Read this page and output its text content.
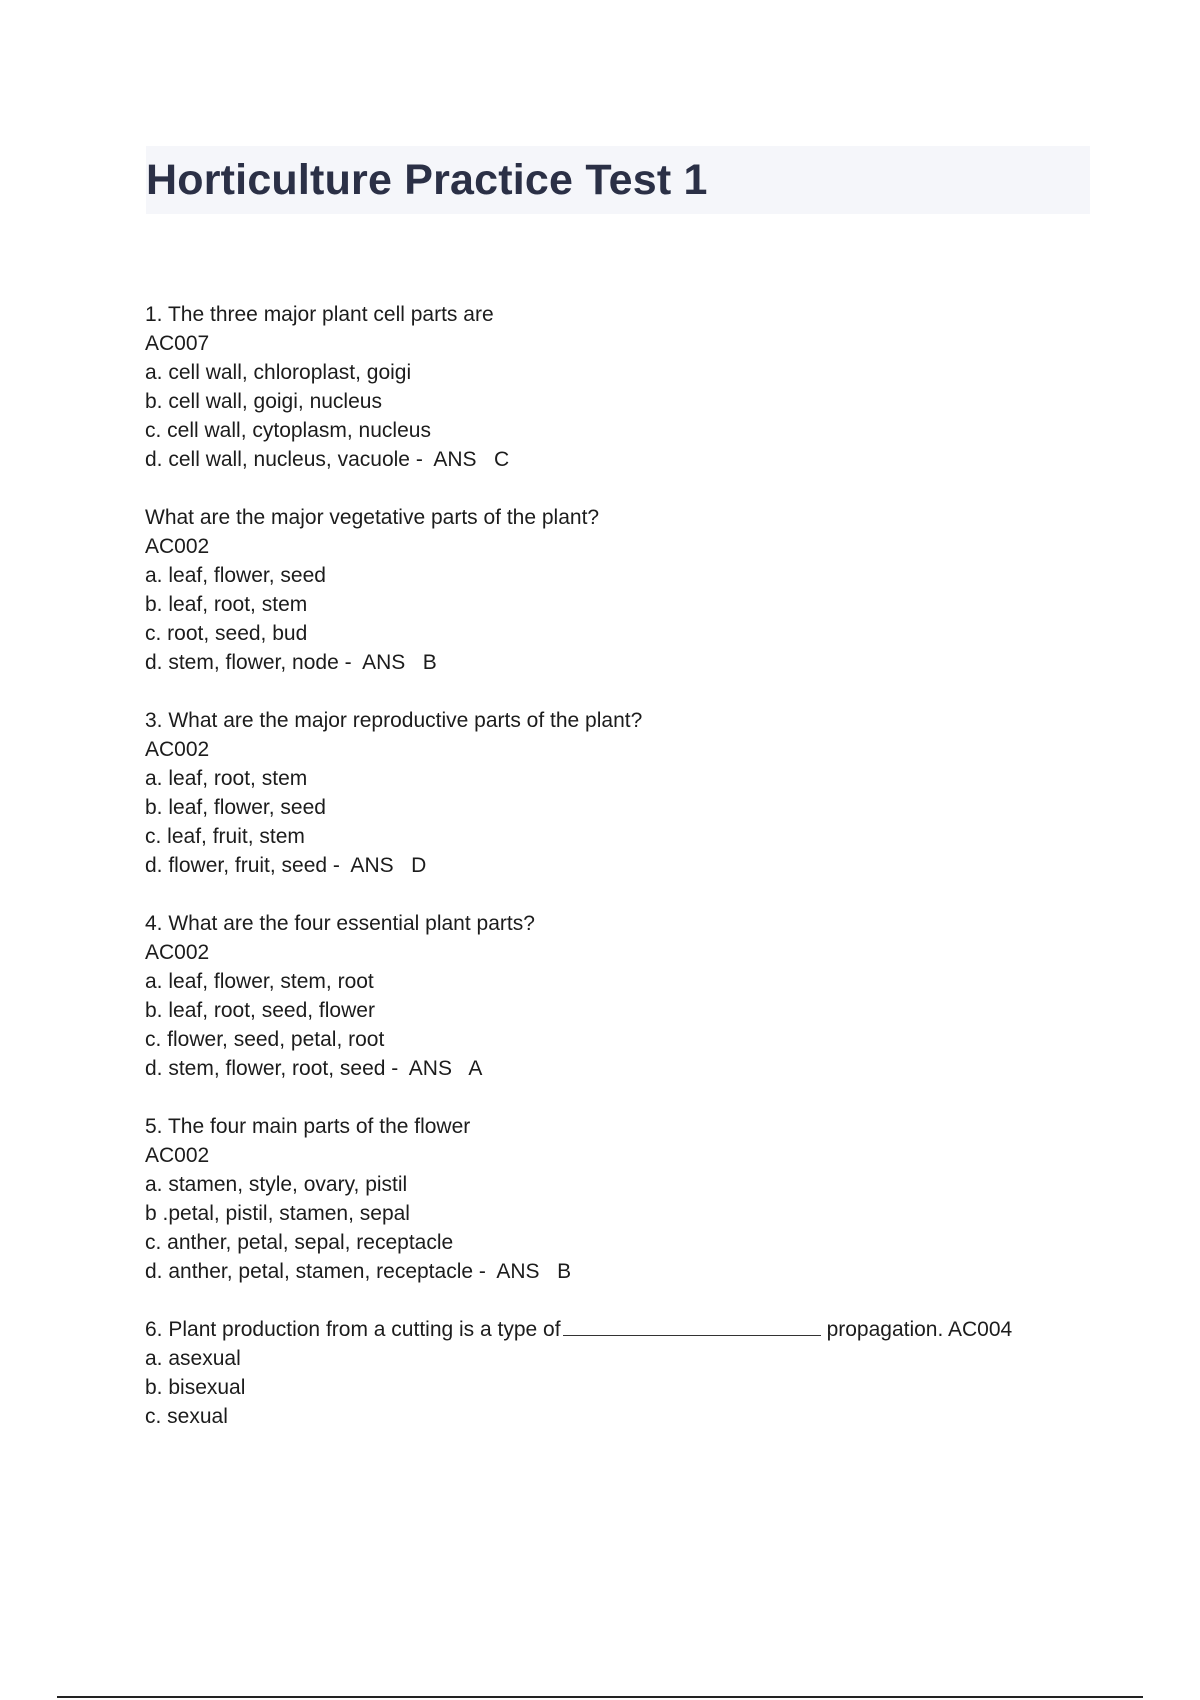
Horticulture Practice Test 1
1. The three major plant cell parts are
AC007
a. cell wall, chloroplast, goigi
b. cell wall, goigi, nucleus
c. cell wall, cytoplasm, nucleus
d. cell wall, nucleus, vacuole -  ANS   C
What are the major vegetative parts of the plant?
AC002
a. leaf, flower, seed
b. leaf, root, stem
c. root, seed, bud
d. stem, flower, node -  ANS   B
3. What are the major reproductive parts of the plant?
AC002
a. leaf, root, stem
b. leaf, flower, seed
c. leaf, fruit, stem
d. flower, fruit, seed -  ANS   D
4. What are the four essential plant parts?
AC002
a. leaf, flower, stem, root
b. leaf, root, seed, flower
c. flower, seed, petal, root
d. stem, flower, root, seed -  ANS   A
5. The four main parts of the flower
AC002
a. stamen, style, ovary, pistil
b .petal, pistil, stamen, sepal
c. anther, petal, sepal, receptacle
d. anther, petal, stamen, receptacle -  ANS   B
6. Plant production from a cutting is a type of	propagation. AC004
a. asexual
b. bisexual
c. sexual
